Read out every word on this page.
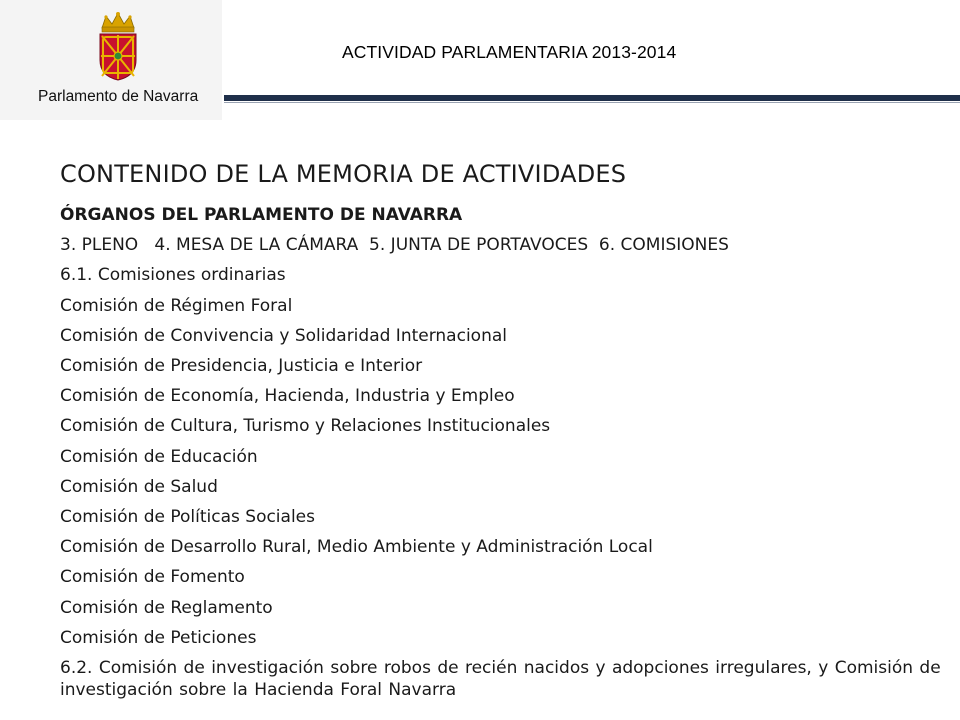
Parlamento de Navarra
ACTIVIDAD PARLAMENTARIA 2013-2014
CONTENIDO DE LA MEMORIA DE ACTIVIDADES
ÓRGANOS DEL PARLAMENTO DE NAVARRA
3. PLENO   4. MESA DE LA CÁMARA  5. JUNTA DE PORTAVOCES  6. COMISIONES
6.1. Comisiones ordinarias
Comisión de Régimen Foral
Comisión de Convivencia y Solidaridad Internacional
Comisión de Presidencia, Justicia e Interior
Comisión de Economía, Hacienda, Industria y Empleo
Comisión de Cultura, Turismo y Relaciones Institucionales
Comisión de Educación
Comisión de Salud
Comisión de Políticas Sociales
Comisión de Desarrollo Rural, Medio Ambiente y Administración Local
Comisión de Fomento
Comisión de Reglamento
Comisión de Peticiones
6.2. Comisión de investigación sobre robos de recién nacidos y adopciones irregulares, y Comisión de investigación sobre la Hacienda Foral Navarra
